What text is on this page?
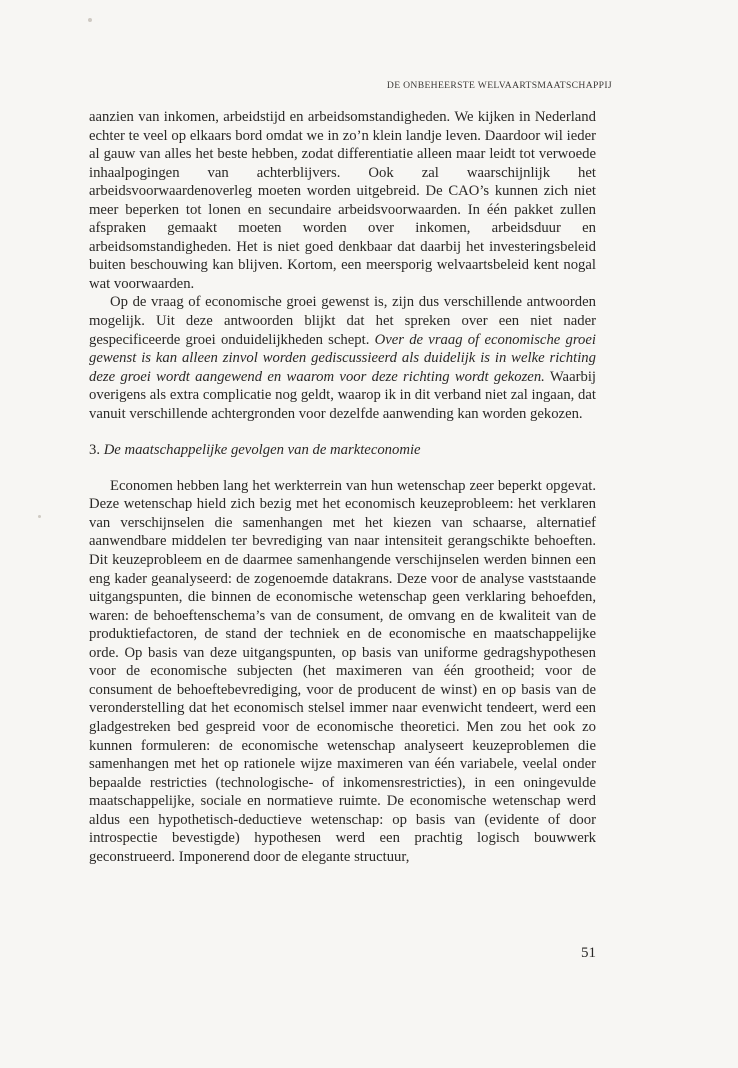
DE ONBEHEERSTE WELVAARTSMAATSCHAPPIJ

aanzien van inkomen, arbeidstijd en arbeidsomstandigheden. We kijken in Nederland echter te veel op elkaars bord omdat we in zo’n klein landje leven. Daardoor wil ieder al gauw van alles het beste hebben, zodat differentiatie alleen maar leidt tot verwoede inhaalpogingen van achterblijvers. Ook zal waarschijnlijk het arbeidsvoorwaardenoverleg moeten worden uitgebreid. De CAO’s kunnen zich niet meer beperken tot lonen en secundaire arbeidsvoorwaarden. In één pakket zullen afspraken gemaakt moeten worden over inkomen, arbeidsduur en arbeidsomstandigheden. Het is niet goed denkbaar dat daarbij het investeringsbeleid buiten beschouwing kan blijven. Kortom, een meersporig welvaartsbeleid kent nogal wat voorwaarden.

Op de vraag of economische groei gewenst is, zijn dus verschillende antwoorden mogelijk. Uit deze antwoorden blijkt dat het spreken over een niet nader gespecificeerde groei onduidelijkheden schept. Over de vraag of economische groei gewenst is kan alleen zinvol worden gediscussieerd als duidelijk is in welke richting deze groei wordt aangewend en waarom voor deze richting wordt gekozen. Waarbij overigens als extra complicatie nog geldt, waarop ik in dit verband niet zal ingaan, dat vanuit verschillende achtergronden voor dezelfde aanwending kan worden gekozen.

3. De maatschappelijke gevolgen van de markteconomie

Economen hebben lang het werkterrein van hun wetenschap zeer beperkt opgevat. Deze wetenschap hield zich bezig met het economisch keuzeprobleem: het verklaren van verschijnselen die samenhangen met het kiezen van schaarse, alternatief aanwendbare middelen ter bevrediging van naar intensiteit gerangschikte behoeften. Dit keuzeprobleem en de daarmee samenhangende verschijnselen werden binnen een eng kader geanalyseerd: de zogenoemde datakrans. Deze voor de analyse vaststaande uitgangspunten, die binnen de economische wetenschap geen verklaring behoefden, waren: de behoeftenschema’s van de consument, de omvang en de kwaliteit van de produktiefactoren, de stand der techniek en de economische en maatschappelijke orde. Op basis van deze uitgangspunten, op basis van uniforme gedragshypothesen voor de economische subjecten (het maximeren van één grootheid; voor de consument de behoeftebevrediging, voor de producent de winst) en op basis van de veronderstelling dat het economisch stelsel immer naar evenwicht tendeert, werd een gladgestreken bed gespreid voor de economische theoretici. Men zou het ook zo kunnen formuleren: de economische wetenschap analyseert keuzeproblemen die samenhangen met het op rationele wijze maximeren van één variabele, veelal onder bepaalde restricties (technologische- of inkomensrestricties), in een oningevulde maatschappelijke, sociale en normatieve ruimte. De economische wetenschap werd aldus een hypothetisch-deductieve wetenschap: op basis van (evidente of door introspectie bevestigde) hypothesen werd een prachtig logisch bouwwerk geconstrueerd. Imponerend door de elegante structuur,

51
